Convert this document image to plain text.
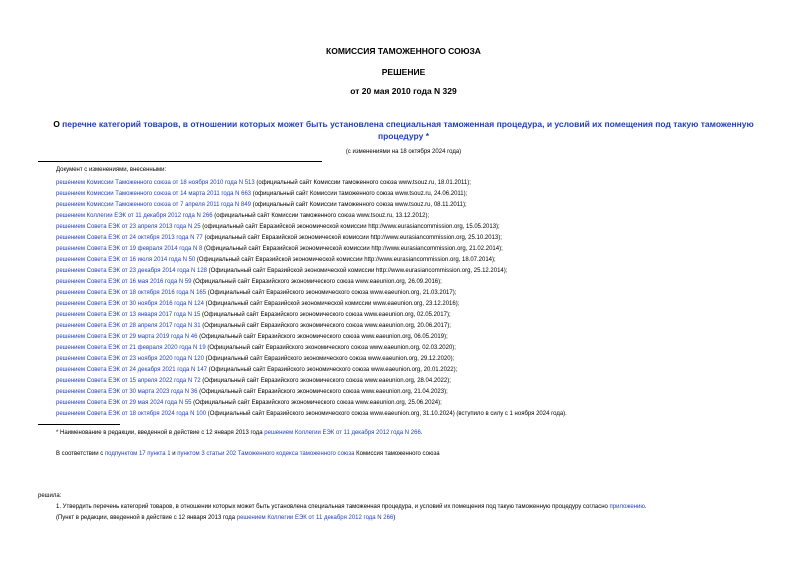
КОМИССИЯ ТАМОЖЕННОГО СОЮЗА
РЕШЕНИЕ
от 20 мая 2010 года N 329
О перечне категорий товаров, в отношении которых может быть установлена специальная таможенная процедура, и условий их помещения под такую таможенную
процедуру *
(с изменениями на 18 октября 2024 года)
Документ с изменениями, внесенными:
решением Комиссии Таможенного союза от 18 ноября 2010 года N 513 (официальный сайт Комиссии таможенного союза www.tsouz.ru, 18.01.2011);
решением Комиссии Таможенного союза от 14 марта 2011 года N 663 (официальный сайт Комиссии таможенного союза www.tsouz.ru, 24.06.2011);
решением Комиссии Таможенного союза от 7 апреля 2011 года N 849 (официальный сайт Комиссии таможенного союза www.tsouz.ru, 08.11.2011);
решением Коллегии ЕЭК от 11 декабря 2012 года N 266 (официальный сайт Комиссии таможенного союза www.tsouz.ru, 13.12.2012);
решением Совета ЕЭК от 23 апреля 2013 года N 25 (официальный сайт Евразийской экономической комиссии http://www.eurasiancommission.org, 15.05.2013);
решением Совета ЕЭК от 24 октября 2013 года N 77 (официальный сайт Евразийской экономической комиссии http://www.eurasiancommission.org, 25.10.2013);
решением Совета ЕЭК от 19 февраля 2014 года N 8 (Официальный сайт Евразийской экономической комиссии http://www.eurasiancommission.org, 21.02.2014);
решением Совета ЕЭК от 16 июля 2014 года N 50 (Официальный сайт Евразийской экономической комиссии http://www.eurasiancommission.org, 18.07.2014);
решением Совета ЕЭК от 23 декабря 2014 года N 128 (Официальный сайт Евразийской экономической комиссии http://www.eurasiancommission.org, 25.12.2014);
решением Совета ЕЭК от 16 мая 2016 года N 59 (Официальный сайт Евразийского экономического союза www.eaeunion.org, 26.09.2016);
решением Совета ЕЭК от 18 октября 2016 года N 165 (Официальный сайт Евразийского экономического союза www.eaeunion.org, 21.03.2017);
решением Совета ЕЭК от 30 ноября 2016 года N 124 (Официальный сайт Евразийской экономической комиссии www.eaeunion.org, 23.12.2016);
решением Совета ЕЭК от 13 января 2017 года N 15 (Официальный сайт Евразийского экономического союза www.eaeunion.org, 02.05.2017);
решением Совета ЕЭК от 28 апреля 2017 года N 31 (Официальный сайт Евразийского экономического союза www.eaeunion.org, 20.06.2017);
решением Совета ЕЭК от 29 марта 2019 года N 46 (Официальный сайт Евразийского экономического союза www.eaeunion.org, 06.05.2019);
решением Совета ЕЭК от 21 февраля 2020 года N 19 (Официальный сайт Евразийского экономического союза www.eaeunion.org, 02.03.2020);
решением Совета ЕЭК от 23 ноября 2020 года N 120 (Официальный сайт Евразийского экономического союза www.eaeunion.org, 29.12.2020);
решением Совета ЕЭК от 24 декабря 2021 года N 147 (Официальный сайт Евразийского экономического союза www.eaeunion.org, 20.01.2022);
решением Совета ЕЭК от 15 апреля 2022 года N 72 (Официальный сайт Евразийского экономического союза www.eaeunion.org, 28.04.2022);
решением Совета ЕЭК от 30 марта 2023 года N 36 (Официальный сайт Евразийского экономического союза www.eaeunion.org, 21.04.2023);
решением Совета ЕЭК от 29 мая 2024 года N 55 (Официальный сайт Евразийского экономического союза www.eaeunion.org, 25.06.2024);
решением Совета ЕЭК от 18 октября 2024 года N 100 (Официальный сайт Евразийского экономического союза www.eaeunion.org, 31.10.2024) (вступило в силу с 1 ноября 2024 года).
* Наименование в редакции, введенной в действие с 12 января 2013 года решением Коллегии ЕЭК от 11 декабря 2012 года N 266.
В соответствии с подпунктом 17 пункта 1 и пунктом 3 статьи 202 Таможенного кодекса таможенного союза Комиссия таможенного союза
решила:
1. Утвердить перечень категорий товаров, в отношении которых может быть установлена специальная таможенная процедура, и условий их помещения под такую таможенную процедуру согласно приложению.
(Пункт в редакции, введенной в действие с 12 января 2013 года решением Коллегии ЕЭК от 11 декабря 2012 года N 266)
